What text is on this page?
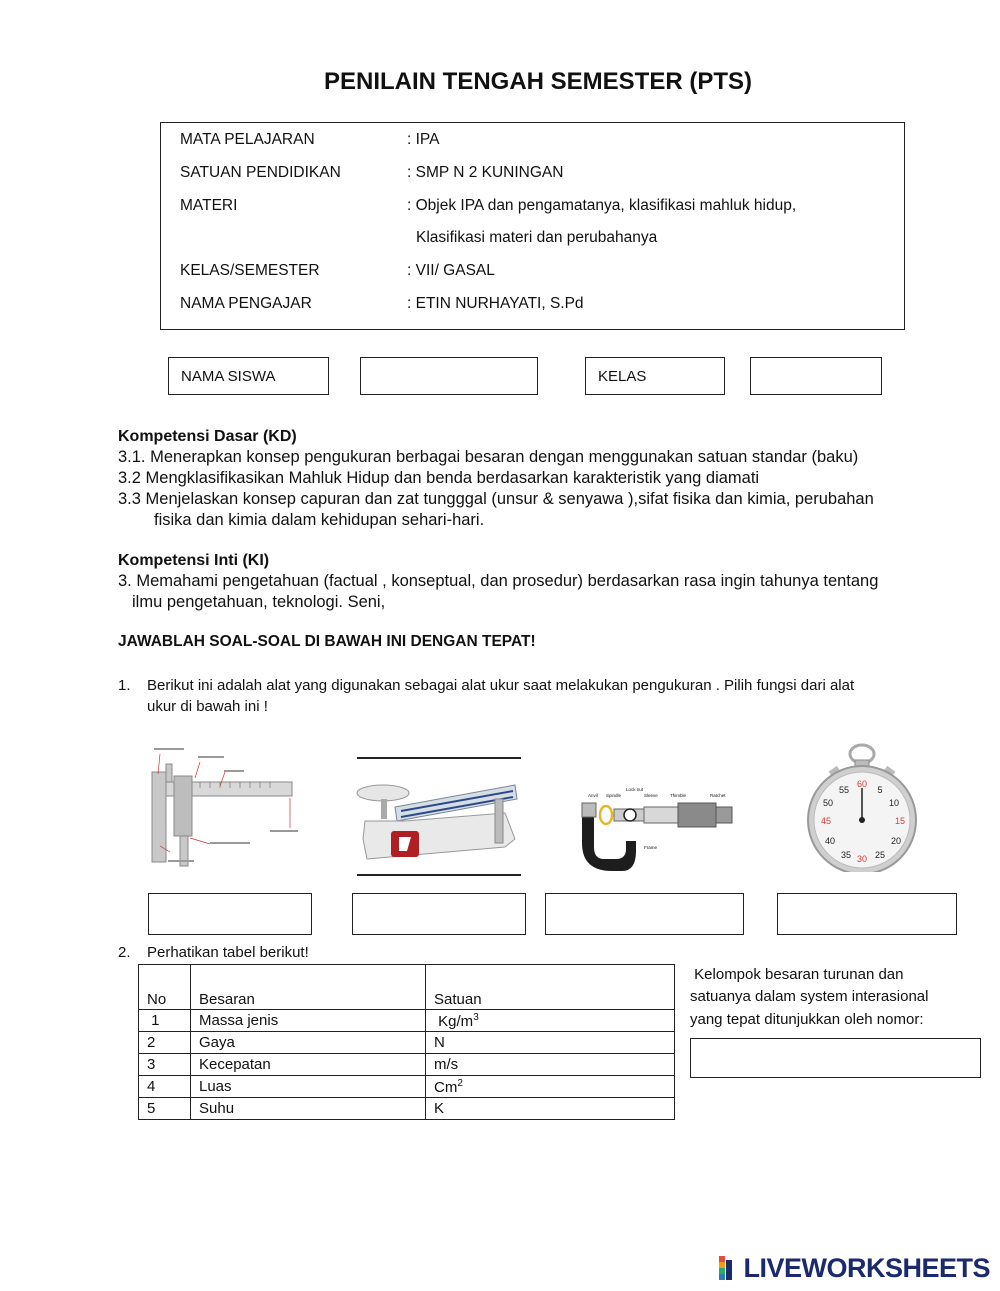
PENILAIN TENGAH SEMESTER (PTS)
MATA PELAJARAN	: IPA
SATUAN PENDIDIKAN	: SMP N 2 KUNINGAN
MATERI	: Objek IPA dan pengamatanya, klasifikasi mahluk hidup,
Klasifikasi materi dan perubahanya
KELAS/SEMESTER	: VII/ GASAL
NAMA PENGAJAR	: ETIN NURHAYATI, S.Pd
NAMA SISWA	KELAS
Kompetensi Dasar (KD)
3.1. Menerapkan konsep pengukuran berbagai besaran dengan menggunakan satuan standar (baku)
3.2 Mengklasifikasikan Mahluk Hidup dan benda berdasarkan karakteristik yang diamati
3.3 Menjelaskan konsep capuran dan zat tungggal (unsur & senyawa ),sifat fisika dan kimia, perubahan
fisika dan kimia dalam kehidupan sehari-hari.
Kompetensi Inti (KI)
3. Memahami pengetahuan (factual , konseptual, dan prosedur) berdasarkan rasa ingin tahunya tentang
ilmu pengetahuan, teknologi. Seni,
JAWABLAH SOAL-SOAL DI BAWAH INI DENGAN TEPAT!
1. Berikut ini adalah alat yang digunakan sebagai alat ukur saat melakukan pengukuran . Pilih fungsi dari alat
ukur di bawah ini !
Anvil Spindle
Lock nut
Sleeve	Thimble	Ratchet
Frame
60
55	5
10
45	15
40	20
35 30 25
50
2. Perhatikan tabel berikut!
No	Besaran	Satuan
1	Massa jenis	$Kg/m^3$
2	Gaya	N
3	Kecepatan	m/s
4	Luas	Cm$^2$
5	Suhu	K
Kelompok besaran turunan dan
satuanya dalam system interasional
yang tepat ditunjukkan oleh nomor:
LIVEWORKSHEETS
